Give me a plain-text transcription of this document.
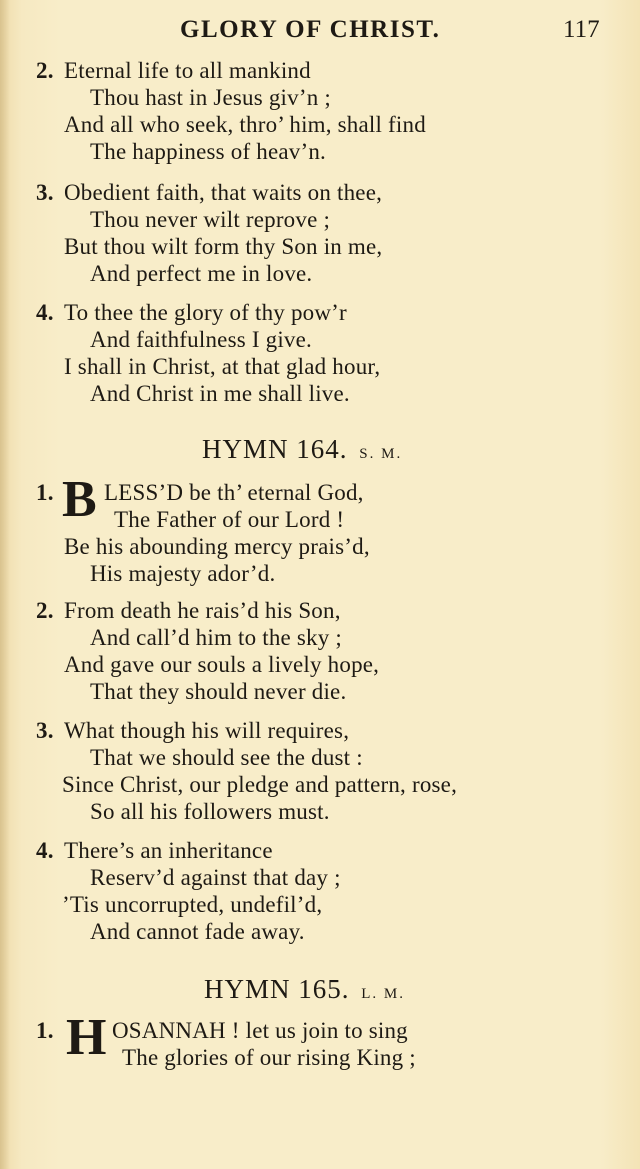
GLORY OF CHRIST.	117
2. Eternal life to all mankind
Thou hast in Jesus giv’n ;
And all who seek, thro’ him, shall find
The happiness of heav’n.
3. Obedient faith, that waits on thee,
Thou never wilt reprove ;
But thou wilt form thy Son in me,
And perfect me in love.
4. To thee the glory of thy pow’r
And faithfulness I give.
I shall in Christ, at that glad hour,
And Christ in me shall live.
HYMN 164. S. M.
1. B LESS’D be th’ eternal God,
The Father of our Lord !
Be his abounding mercy prais’d,
His majesty ador’d.
2. From death he rais’d his Son,
And call’d him to the sky ;
And gave our souls a lively hope,
That they should never die.
3. What though his will requires,
That we should see the dust :
Since Christ, our pledge and pattern, rose,
So all his followers must.
4. There’s an inheritance
Reserv’d against that day ;
’Tis uncorrupted, undefil’d,
And cannot fade away.
HYMN 165. L. M.
1. H OSANNAH ! let us join to sing
The glories of our rising King ;
